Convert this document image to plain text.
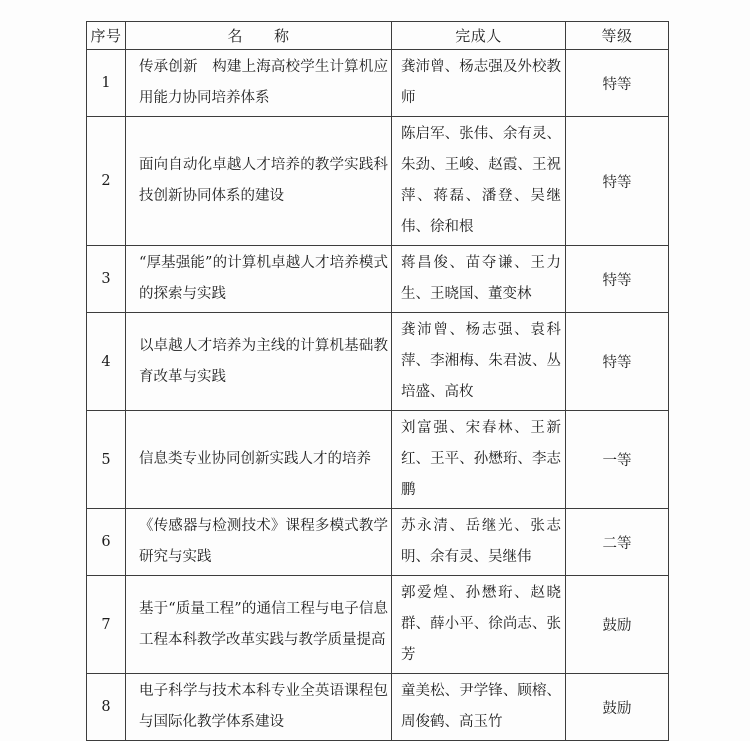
序号	名　　称	完成人	等级
1	传承创新　构建上海高校学生计算机应用能力协同培养体系	龚沛曾、杨志强及外校教师	特等
2	面向自动化卓越人才培养的教学实践科技创新协同体系的建设	陈启军、张伟、余有灵、朱劲、王峻、赵霞、王祝萍、蒋磊、潘登、吴继伟、徐和根	特等
3	“厚基强能”的计算机卓越人才培养模式的探索与实践	蒋昌俊、苗夺谦、王力生、王晓国、董变林	特等
4	以卓越人才培养为主线的计算机基础教育改革与实践	龚沛曾、杨志强、袁科萍、李湘梅、朱君波、丛培盛、高枚	特等
5	信息类专业协同创新实践人才的培养	刘富强、宋春林、王新红、王平、孙懋珩、李志鹏	一等
6	《传感器与检测技术》课程多模式教学研究与实践	苏永清、岳继光、张志明、余有灵、吴继伟	二等
7	基于“质量工程”的通信工程与电子信息工程本科教学改革实践与教学质量提高	郭爱煌、孙懋珩、赵晓群、薛小平、徐尚志、张芳	鼓励
8	电子科学与技术本科专业全英语课程包与国际化教学体系建设	童美松、尹学锋、顾榕、周俊鹤、高玉竹	鼓励
